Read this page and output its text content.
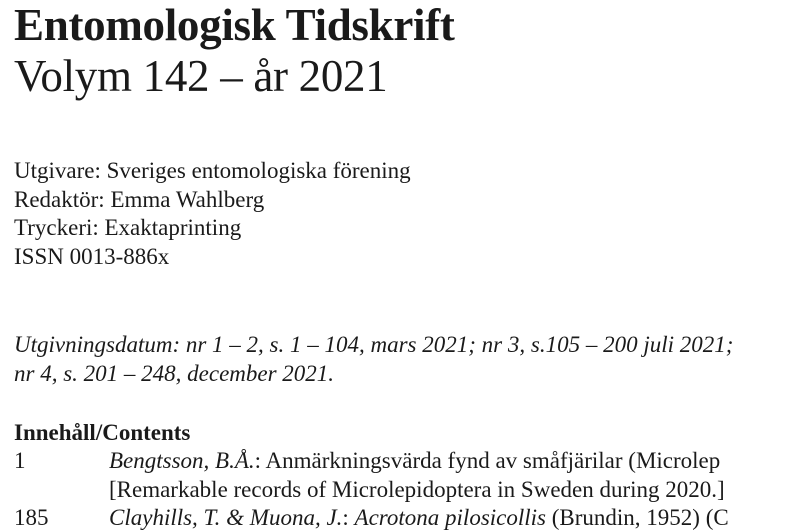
Entomologisk Tidskrift
Volym 142 – år 2021
Utgivare: Sveriges entomologiska förening
Redaktör: Emma Wahlberg
Tryckeri: Exaktaprinting
ISSN 0013-886x
Utgivningsdatum: nr 1 – 2, s. 1 – 104, mars 2021; nr 3, s.105 – 200 juli 2021;
nr 4, s. 201 – 248, december 2021.
Innehåll/Contents
1	Bengtsson, B.Å.: Anmärkningsvärda fynd av småfjärilar (Microlep
[Remarkable records of Microlepidoptera in Sweden during 2020.]
185	Clayhills, T. & Muona, J.: Acrotona pilosicollis (Brundin, 1952) (C
